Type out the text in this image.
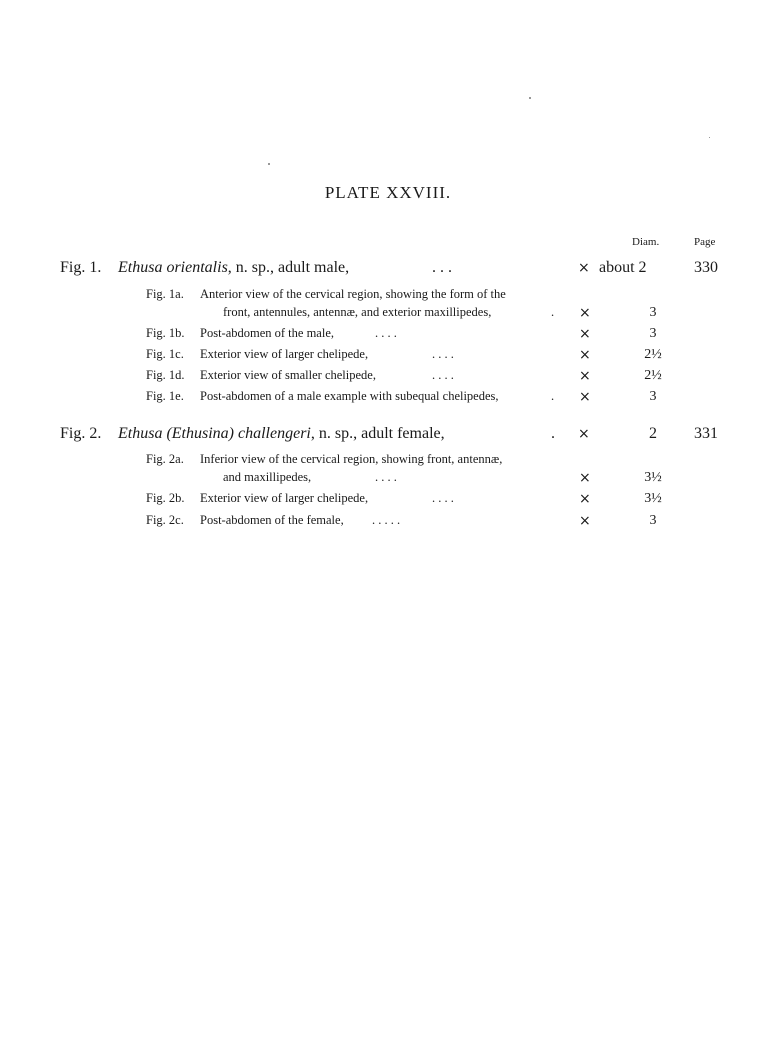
PLATE XXVIII.
Diam.	Page
Fig. 1. Ethusa orientalis, n. sp., adult male,	. . .	× about 2	330
Fig. 1a. Anterior view of the cervical region, showing the form of the
front, antennules, antennæ, and exterior maxillipedes,	. ×	3
Fig. 1b. Post-abdomen of the male,	. . . .	×	3
Fig. 1c. Exterior view of larger chelipede,	. . . .	×	2½
Fig. 1d. Exterior view of smaller chelipede,	. . . .	×	2½
Fig. 1e. Post-abdomen of a male example with subequal chelipedes,	. ×	3
Fig. 2. Ethusa (Ethusina) challengeri, n. sp., adult female,	. ×	2	331
Fig. 2a. Inferior view of the cervical region, showing front, antennæ,
and maxillipedes,	. . . .	×	3½
Fig. 2b. Exterior view of larger chelipede,	. . . .	×	3½
Fig. 2c. Post-abdomen of the female, . . . . .	×	3
